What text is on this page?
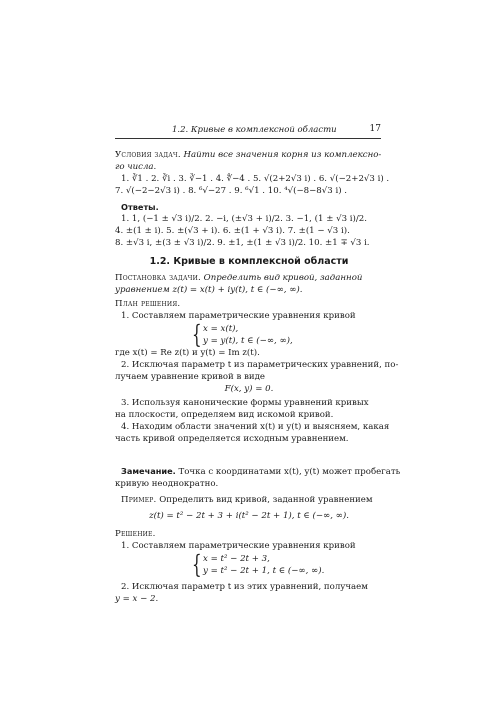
1.2. Кривые в комплексной области	17
Условия задач. Найти все значения корня из комплексно-
го числа.
1. ∛1 . 2. ∛i . 3. ∛−1 . 4. ∜−4 . 5. √(2+2√3 i) . 6. √(−2+2√3 i) .
7. √(−2−2√3 i) . 8. ⁶√−27 . 9. ⁶√1 . 10. ⁴√(−8−8√3 i) .
Ответы.
1. 1, (−1 ± √3 i)/2. 2. −i, (±√3 + i)/2. 3. −1, (1 ± √3 i)/2.
4. ±(1 ± i). 5. ±(√3 + i). 6. ±(1 + √3 i). 7. ±(1 − √3 i).
8. ±√3 i, ±(3 ± √3 i)/2. 9. ±1, ±(1 ± √3 i)/2. 10. ±1 ∓ √3 i.
1.2. Кривые в комплексной области
Постановка задачи. Определить вид кривой, заданной
уравнением z(t) = x(t) + iy(t), t ∈ (−∞, ∞).
План решения.
1. Составляем параметрические уравнения кривой
{ x = x(t),
y = y(t), t ∈ (−∞, ∞),
где x(t) = Re z(t) и y(t) = Im z(t).
2. Исключая параметр t из параметрических уравнений, по-
лучаем уравнение кривой в виде
F(x, y) = 0.
3. Используя канонические формы уравнений кривых
на плоскости, определяем вид искомой кривой.
4. Находим области значений x(t) и y(t) и выясняем, какая
часть кривой определяется исходным уравнением.
Замечание. Точка с координатами x(t), y(t) может пробегать
кривую неоднократно.
Пример. Определить вид кривой, заданной уравнением
z(t) = t² − 2t + 3 + i(t² − 2t + 1), t ∈ (−∞, ∞).
Решение.
1. Составляем параметрические уравнения кривой
{ x = t² − 2t + 3,
y = t² − 2t + 1, t ∈ (−∞, ∞).
2. Исключая параметр t из этих уравнений, получаем
y = x − 2.
